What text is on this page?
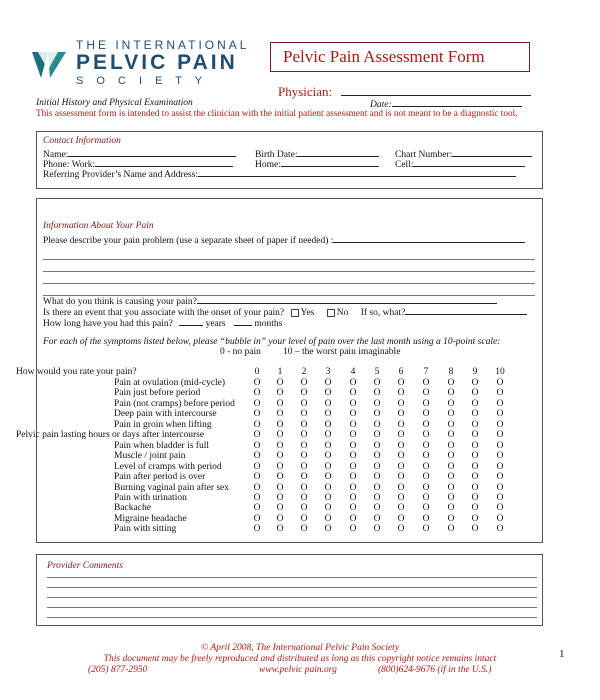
THE INTERNATIONAL
PELVIC PAIN
S O C I E T Y
Pelvic Pain Assessment Form
Physician:
Initial History and Physical Examination	Date:
This assessment form is intended to assist the clinician with the initial patient assessment and is not meant to be a diagnostic tool.
Contact Information
Name:	Birth Date:	Chart Number:
Phone: Work:	Home:	Cell:
Referring Provider’s Name and Address:
Information About Your Pain
Please describe your pain problem (use a separate sheet of paper if needed) :
What do you think is causing your pain?
Is there an event that you associate with the onset of your pain? Yes No If so, what?
How long have you had this pain?	years	months
For each of the symptoms listed below, please “bubble in” your level of pain over the last month using a 10-point scale:
0 - no pain 10 – the worst pain imaginable
How would you rate your pain?	0	1	2	3	4	5	6	7	8	9	10
Pain at ovulation (mid-cycle)	O	O	O	O	O	O	O	O	O	O	O
Pain just before period	O	O	O	O	O	O	O	O	O	O	O
Pain (not cramps) before period	O	O	O	O	O	O	O	O	O	O	O
Deep pain with intercourse	O	O	O	O	O	O	O	O	O	O	O
Pain in groin when lifting	O	O	O	O	O	O	O	O	O	O	O
Pelvic pain lasting hours or days after intercourse	O	O	O	O	O	O	O	O	O	O	O
Pain when bladder is full	O	O	O	O	O	O	O	O	O	O	O
Muscle / joint pain	O	O	O	O	O	O	O	O	O	O	O
Level of cramps with period	O	O	O	O	O	O	O	O	O	O	O
Pain after period is over	O	O	O	O	O	O	O	O	O	O	O
Burning vaginal pain after sex	O	O	O	O	O	O	O	O	O	O	O
Pain with urination	O	O	O	O	O	O	O	O	O	O	O
Backache	O	O	O	O	O	O	O	O	O	O	O
Migraine headache	O	O	O	O	O	O	O	O	O	O	O
Pain with sitting	O	O	O	O	O	O	O	O	O	O	O
Provider Comments
© April 2008, The International Pelvic Pain Society
This document may be freely reproduced and distributed as long as this copyright notice remains intact
(205) 877-2950	www.pelvic pain.org	(800)624-9676 (if in the U.S.)
1
